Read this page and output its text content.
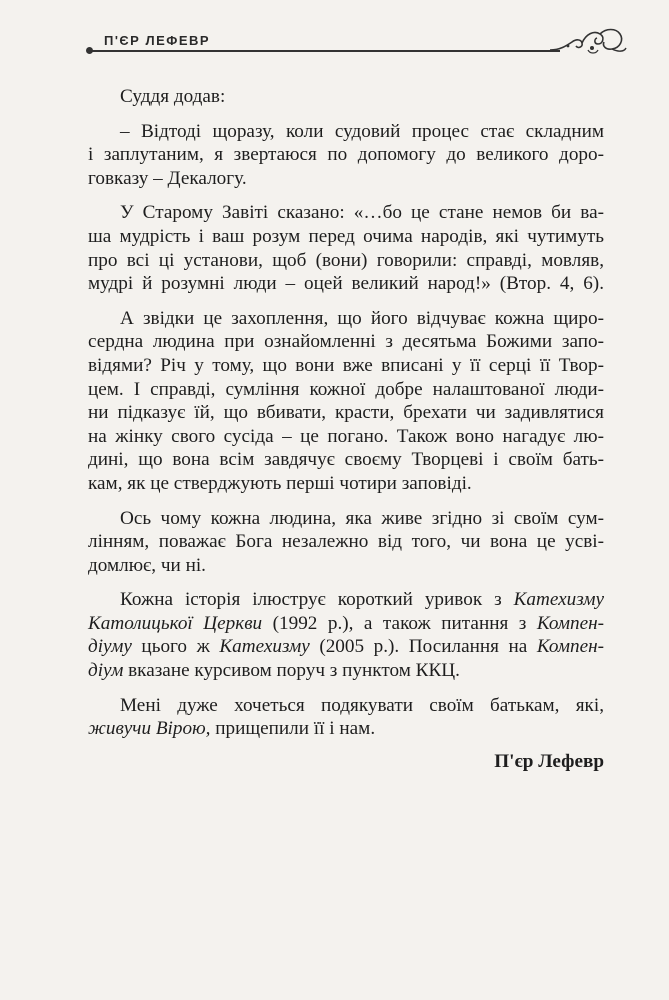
П'ЄР ЛЕФЕВР
Суддя додав:
– Відтоді щоразу, коли судовий процес стає складним
і заплутаним, я звертаюся по допомогу до великого доро-
говказу – Декалогу.
У Старому Завіті сказано: «…бо це стане немов би ва-
ша мудрість і ваш розум перед очима народів, які чутимуть
про всі ці установи, щоб (вони) говорили: справді, мовляв,
мудрі й розумні люди – оцей великий народ!» (Втор. 4, 6).
А звідки це захоплення, що його відчуває кожна щиро-
сердна людина при ознайомленні з десятьма Божими запо-
відями? Річ у тому, що вони вже вписані у її серці її Твор-
цем. І справді, сумління кожної добре налаштованої люди-
ни підказує їй, що вбивати, красти, брехати чи задивлятися
на жінку свого сусіда – це погано. Також воно нагадує лю-
дині, що вона всім завдячує своєму Творцеві і своїм бать-
кам, як це стверджують перші чотири заповіді.
Ось чому кожна людина, яка живе згідно зі своїм сум-
лінням, поважає Бога незалежно від того, чи вона це усві-
домлює, чи ні.
Кожна історія ілюструє короткий уривок з Катехизму
Католицької Церкви (1992 р.), а також питання з Компен-
діуму цього ж Катехизму (2005 р.). Посилання на Компен-
діум вказане курсивом поруч з пунктом ККЦ.
Мені дуже хочеться подякувати своїм батькам, які,
живучи Вірою, прищепили її і нам.
П'єр Лефевр
